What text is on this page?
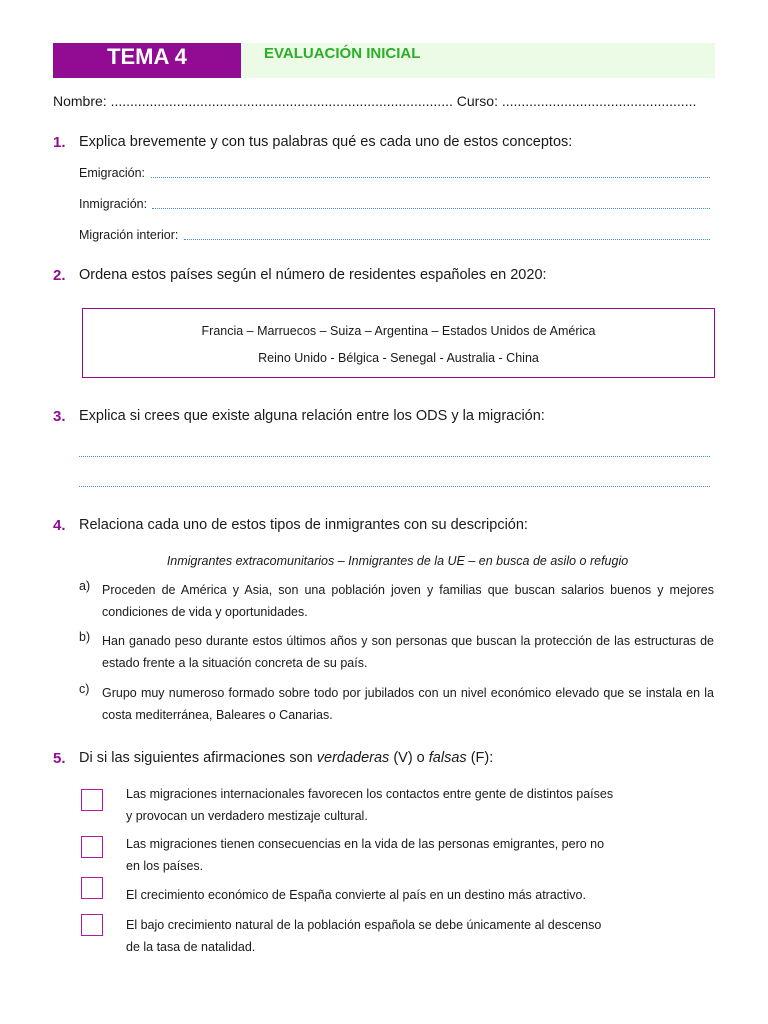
TEMA 4	EVALUACIÓN INICIAL
Nombre: ........................................................................................ Curso: ..................................................
1. Explica brevemente y con tus palabras qué es cada uno de estos conceptos:
Emigración:
Inmigración:
Migración interior:
2. Ordena estos países según el número de residentes españoles en 2020:
Francia – Marruecos – Suiza – Argentina – Estados Unidos de América
Reino Unido - Bélgica - Senegal - Australia - China
3. Explica si crees que existe alguna relación entre los ODS y la migración:
4. Relaciona cada uno de estos tipos de inmigrantes con su descripción:
Inmigrantes extracomunitarios – Inmigrantes de la UE – en busca de asilo o refugio
a) Proceden de América y Asia, son una población joven y familias que buscan salarios buenos y mejores condiciones de vida y oportunidades.
b) Han ganado peso durante estos últimos años y son personas que buscan la protección de las estructuras de estado frente a la situación concreta de su país.
c) Grupo muy numeroso formado sobre todo por jubilados con un nivel económico elevado que se instala en la costa mediterránea, Baleares o Canarias.
5. Di si las siguientes afirmaciones son verdaderas (V) o falsas (F):
Las migraciones internacionales favorecen los contactos entre gente de distintos países
y provocan un verdadero mestizaje cultural.
Las migraciones tienen consecuencias en la vida de las personas emigrantes, pero no
en los países.
El crecimiento económico de España convierte al país en un destino más atractivo.
El bajo crecimiento natural de la población española se debe únicamente al descenso
de la tasa de natalidad.
